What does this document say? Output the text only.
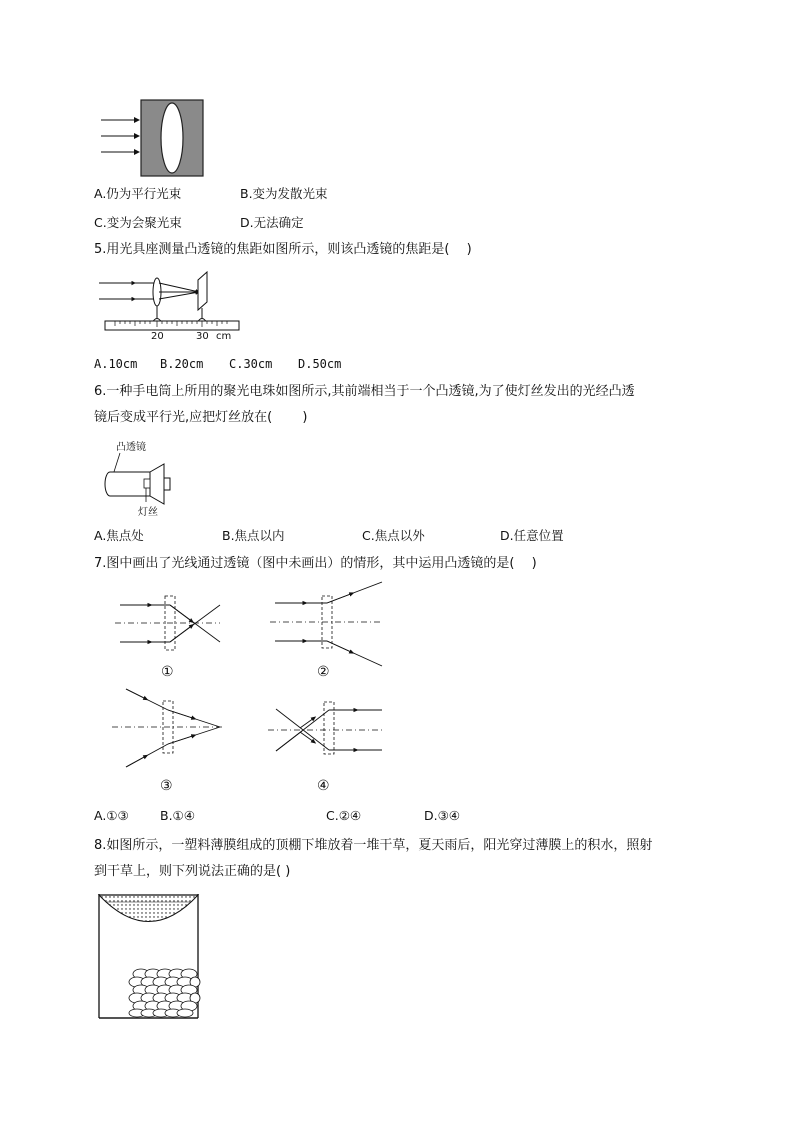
A.仍为平行光束	B.变为发散光束
C.变为会聚光束	D.无法确定
5.用光具座测量凸透镜的焦距如图所示，则该凸透镜的焦距是(　 )
20	30 cm
A.10cm B.20cm C.30cm D.50cm
6.一种手电筒上所用的聚光电珠如图所示,其前端相当于一个凸透镜,为了使灯丝发出的光经凸透
镜后变成平行光,应把灯丝放在(　　 )
凸透镜
灯丝
A.焦点处	B.焦点以内	C.焦点以外	D.任意位置
7.图中画出了光线通过透镜（图中未画出）的情形，其中运用凸透镜的是(　 )
①	②
③	④
A.①③	B.①④	C.②④	D.③④
8.如图所示，一塑料薄膜组成的顶棚下堆放着一堆干草，夏天雨后，阳光穿过薄膜上的积水，照射
到干草上，则下列说法正确的是( )
